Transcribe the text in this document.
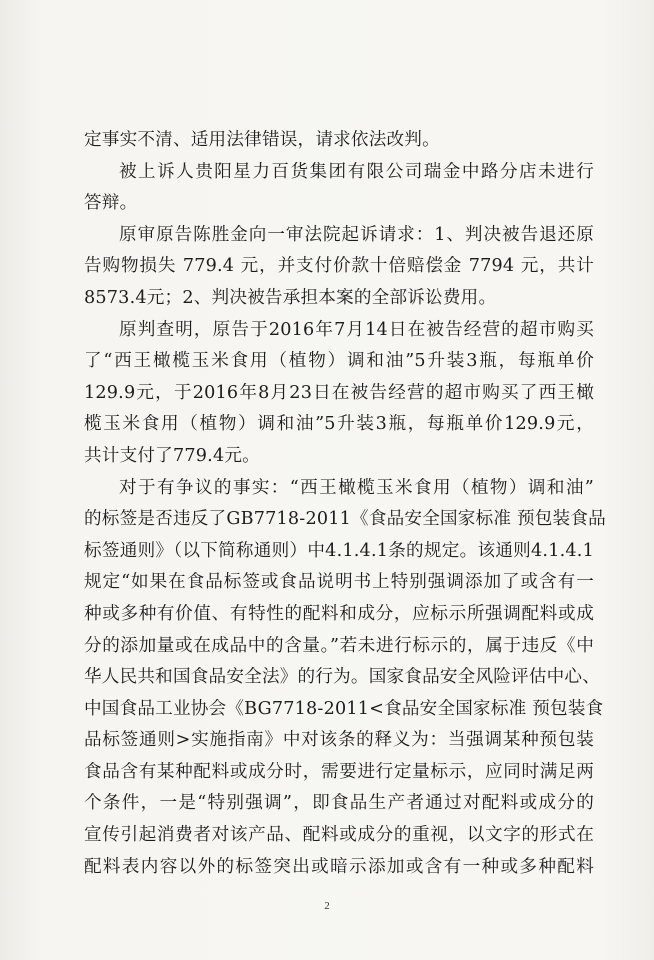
定事实不清、适用法律错误，请求依法改判。
被上诉人贵阳星力百货集团有限公司瑞金中路分店未进行
答辩。
原审原告陈胜金向一审法院起诉请求：1、判决被告退还原
告购物损失 779.4 元，并支付价款十倍赔偿金 7794 元，共计
8573.4元；2、判决被告承担本案的全部诉讼费用。
原判查明，原告于2016年7月14日在被告经营的超市购买
了“西王橄榄玉米食用（植物）调和油”5升装3瓶，每瓶单价
129.9元，于2016年8月23日在被告经营的超市购买了西王橄
榄玉米食用（植物）调和油”5升装3瓶，每瓶单价129.9元，
共计支付了779.4元。
对于有争议的事实：“西王橄榄玉米食用（植物）调和油”
的标签是否违反了GB7718-2011《食品安全国家标准 预包装食品
标签通则》（以下简称通则）中4.1.4.1条的规定。该通则4.1.4.1
规定“如果在食品标签或食品说明书上特别强调添加了或含有一
种或多种有价值、有特性的配料和成分，应标示所强调配料或成
分的添加量或在成品中的含量。”若未进行标示的，属于违反《中
华人民共和国食品安全法》的行为。国家食品安全风险评估中心、
中国食品工业协会《BG7718-2011<食品安全国家标准 预包装食
品标签通则>实施指南》中对该条的释义为：当强调某种预包装
食品含有某种配料或成分时，需要进行定量标示，应同时满足两
个条件，一是“特别强调”，即食品生产者通过对配料或成分的
宣传引起消费者对该产品、配料或成分的重视，以文字的形式在
配料表内容以外的标签突出或暗示添加或含有一种或多种配料
2
